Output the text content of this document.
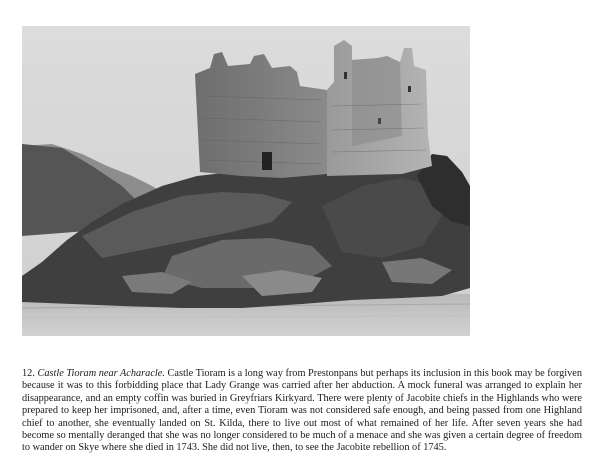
12. Castle Tioram near Acharacle. Castle Tioram is a long way from Prestonpans but perhaps its inclusion in this book may be forgiven because it was to this forbidding place that Lady Grange was carried after her abduction. A mock funeral was arranged to explain her disappearance, and an empty coffin was buried in Greyfriars Kirkyard. There were plenty of Jacobite chiefs in the Highlands who were prepared to keep her imprisoned, and, after a time, even Tioram was not considered safe enough, and being passed from one Highland chief to another, she eventually landed on St. Kilda, there to live out most of what remained of her life. After seven years she had become so mentally deranged that she was no longer considered to be much of a menace and she was given a certain degree of freedom to wander on Skye where she died in 1743. She did not live, then, to see the Jacobite rebellion of 1745.
